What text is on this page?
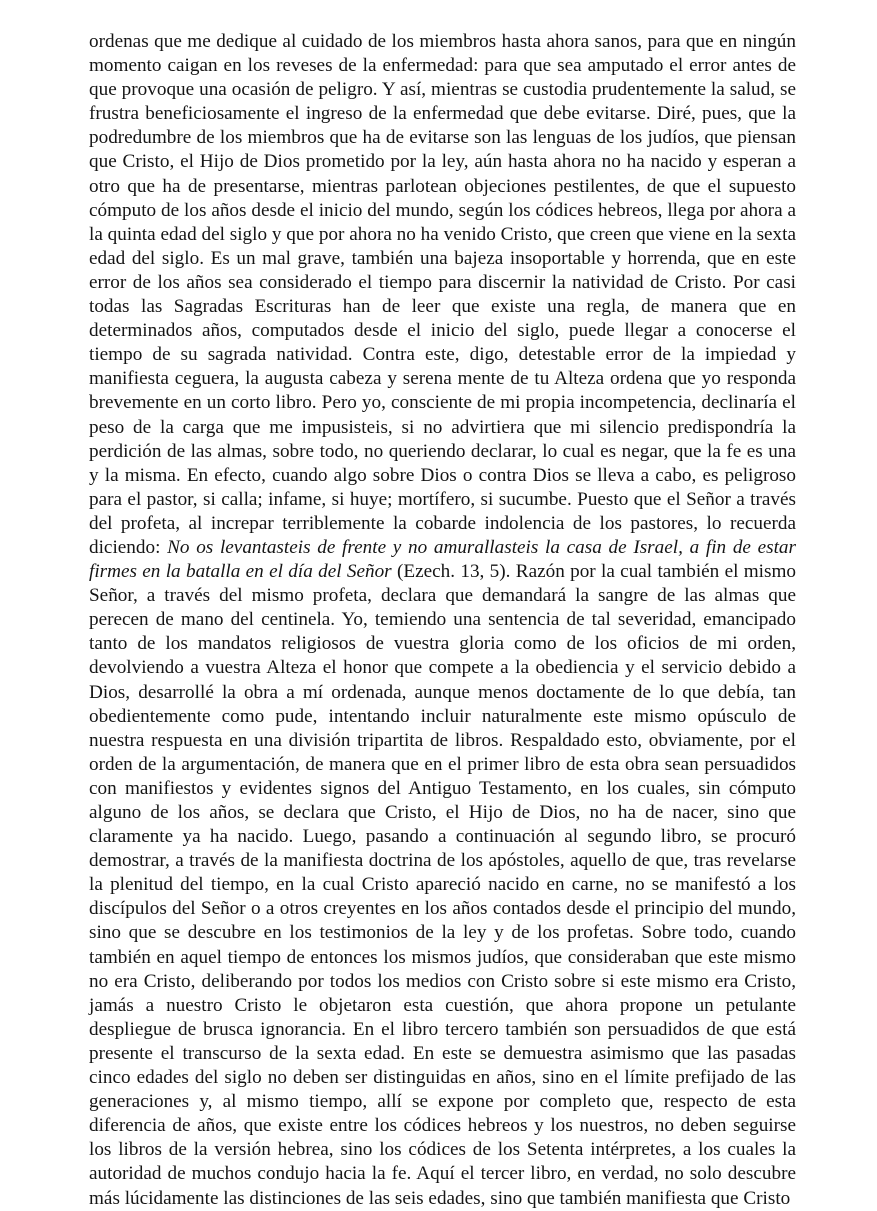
ordenas que me dedique al cuidado de los miembros hasta ahora sanos, para que en ningún momento caigan en los reveses de la enfermedad: para que sea amputado el error antes de que provoque una ocasión de peligro. Y así, mientras se custodia prudentemente la salud, se frustra beneficiosamente el ingreso de la enfermedad que debe evitarse. Diré, pues, que la podredumbre de los miembros que ha de evitarse son las lenguas de los judíos, que piensan que Cristo, el Hijo de Dios prometido por la ley, aún hasta ahora no ha nacido y esperan a otro que ha de presentarse, mientras parlotean objeciones pestilentes, de que el supuesto cómputo de los años desde el inicio del mundo, según los códices hebreos, llega por ahora a la quinta edad del siglo y que por ahora no ha venido Cristo, que creen que viene en la sexta edad del siglo. Es un mal grave, también una bajeza insoportable y horrenda, que en este error de los años sea considerado el tiempo para discernir la natividad de Cristo. Por casi todas las Sagradas Escrituras han de leer que existe una regla, de manera que en determinados años, computados desde el inicio del siglo, puede llegar a conocerse el tiempo de su sagrada natividad. Contra este, digo, detestable error de la impiedad y manifiesta ceguera, la augusta cabeza y serena mente de tu Alteza ordena que yo responda brevemente en un corto libro. Pero yo, consciente de mi propia incompetencia, declinaría el peso de la carga que me impusisteis, si no advirtiera que mi silencio predispondría la perdición de las almas, sobre todo, no queriendo declarar, lo cual es negar, que la fe es una y la misma. En efecto, cuando algo sobre Dios o contra Dios se lleva a cabo, es peligroso para el pastor, si calla; infame, si huye; mortífero, si sucumbe. Puesto que el Señor a través del profeta, al increpar terriblemente la cobarde indolencia de los pastores, lo recuerda diciendo: No os levantasteis de frente y no amurallasteis la casa de Israel, a fin de estar firmes en la batalla en el día del Señor (Ezech. 13, 5). Razón por la cual también el mismo Señor, a través del mismo profeta, declara que demandará la sangre de las almas que perecen de mano del centinela. Yo, temiendo una sentencia de tal severidad, emancipado tanto de los mandatos religiosos de vuestra gloria como de los oficios de mi orden, devolviendo a vuestra Alteza el honor que compete a la obediencia y el servicio debido a Dios, desarrollé la obra a mí ordenada, aunque menos doctamente de lo que debía, tan obedientemente como pude, intentando incluir naturalmente este mismo opúsculo de nuestra respuesta en una división tripartita de libros. Respaldado esto, obviamente, por el orden de la argumentación, de manera que en el primer libro de esta obra sean persuadidos con manifiestos y evidentes signos del Antiguo Testamento, en los cuales, sin cómputo alguno de los años, se declara que Cristo, el Hijo de Dios, no ha de nacer, sino que claramente ya ha nacido. Luego, pasando a continuación al segundo libro, se procuró demostrar, a través de la manifiesta doctrina de los apóstoles, aquello de que, tras revelarse la plenitud del tiempo, en la cual Cristo apareció nacido en carne, no se manifestó a los discípulos del Señor o a otros creyentes en los años contados desde el principio del mundo, sino que se descubre en los testimonios de la ley y de los profetas. Sobre todo, cuando también en aquel tiempo de entonces los mismos judíos, que consideraban que este mismo no era Cristo, deliberando por todos los medios con Cristo sobre si este mismo era Cristo, jamás a nuestro Cristo le objetaron esta cuestión, que ahora propone un petulante despliegue de brusca ignorancia. En el libro tercero también son persuadidos de que está presente el transcurso de la sexta edad. En este se demuestra asimismo que las pasadas cinco edades del siglo no deben ser distinguidas en años, sino en el límite prefijado de las generaciones y, al mismo tiempo, allí se expone por completo que, respecto de esta diferencia de años, que existe entre los códices hebreos y los nuestros, no deben seguirse los libros de la versión hebrea, sino los códices de los Setenta intérpretes, a los cuales la autoridad de muchos condujo hacia la fe. Aquí el tercer libro, en verdad, no solo descubre más lúcidamente las distinciones de las seis edades, sino que también manifiesta que Cristo
